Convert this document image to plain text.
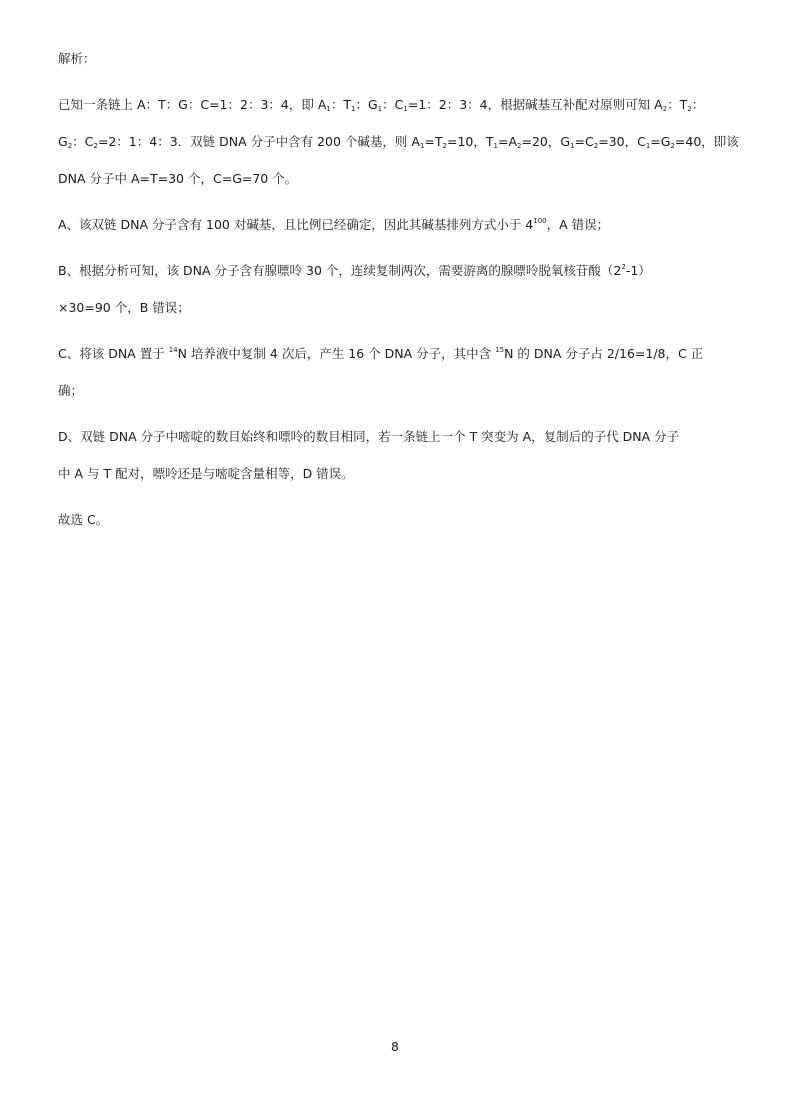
解析：

已知一条链上 A：T：G：C=1：2：3：4，即 $A_1$：$T_1$：$G_1$：$C_1=1$：2：3：4，根据碱基互补配对原则可知 $A_2$：$T_2$：

$G_2$：$C_2=2$：1：4：3．双链 DNA 分子中含有 200 个碱基，则 $A_1=T_2=10$，$T_1=A_2=20$，$G_1=C_2=30$，$C_1=G_2=40$，即该

DNA 分子中 A=T=30 个，C=G=70 个。

A、该双链 DNA 分子含有 100 对碱基，且比例已经确定，因此其碱基排列方式小于 $4^{100}$，A 错误；

B、根据分析可知，该 DNA 分子含有腺嘌呤 30 个，连续复制两次，需要游离的腺嘌呤脱氧核苷酸$(2^2-1)$

×30=90 个，B 错误；

C、将该 DNA 置于 $^{14}$N 培养液中复制 4 次后，产生 16 个 DNA 分子，其中含 $^{15}$N 的 DNA 分子占 2/16=1/8，C 正

确；

D、双链 DNA 分子中嘧啶的数目始终和嘌呤的数目相同，若一条链上一个 T 突变为 A，复制后的子代 DNA 分子

中 A 与 T 配对，嘌呤还是与嘧啶含量相等，D 错误。

故选 C。

8
